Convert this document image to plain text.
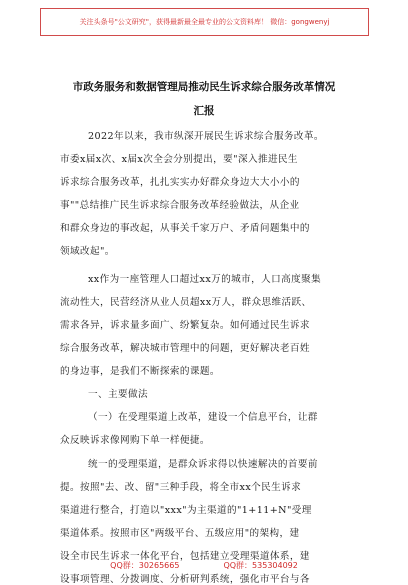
关注头条号"公文研究"，获得最新最全最专业的公文资料库！ 微信：gongwenyj
市政务服务和数据管理局推动民生诉求综合服务改革情况
汇报
2022年以来，我市纵深开展民生诉求综合服务改革。
市委x届x次、x届x次全会分别提出，要"深入推进民生
诉求综合服务改革，扎扎实实办好群众身边大大小小的
事""总结推广民生诉求综合服务改革经验做法，从企业
和群众身边的事改起，从事关千家万户、矛盾问题集中的
领域改起"。
xx作为一座管理人口超过xx万的城市，人口高度聚集
流动性大，民营经济从业人员超xx万人，群众思维活跃、
需求各异，诉求量多面广、纷繁复杂。如何通过民生诉求
综合服务改革，解决城市管理中的问题，更好解决老百姓
的身边事，是我们不断探索的课题。
一、主要做法
（一）在受理渠道上改革，建设一个信息平台，让群
众反映诉求像网购下单一样便捷。
统一的受理渠道，是群众诉求得以快速解决的首要前
提。按照"去、改、留"三种手段，将全市xx个民生诉求
渠道进行整合，打造以"xxx"为主渠道的"1+11+N"受理
渠道体系。按照市区"两级平台、五级应用"的架构，建
设全市民生诉求一体化平台，包括建立受理渠道体系，建
设事项管理、分拨调度、分析研判系统，强化市平台与各
QQ群：30265665	QQ群：535304092
